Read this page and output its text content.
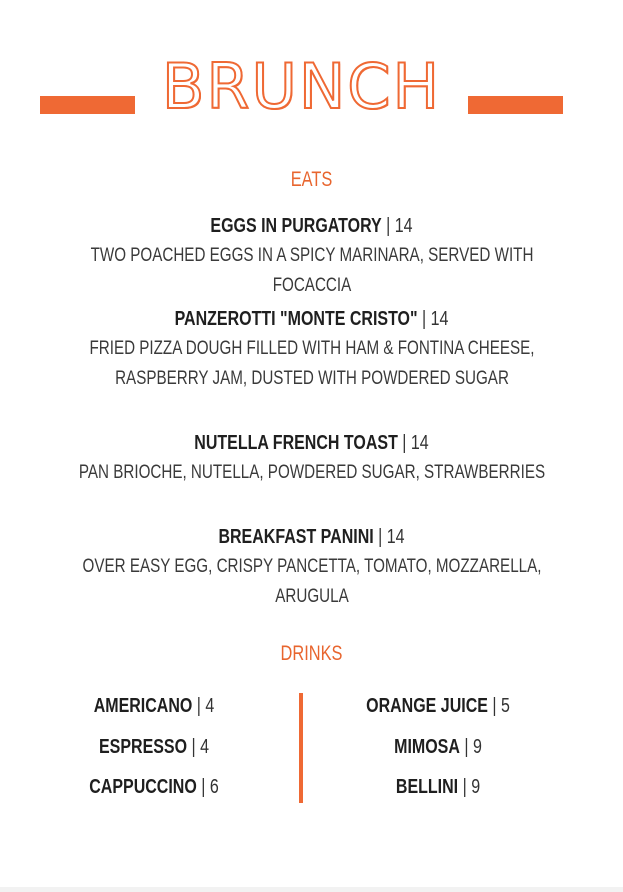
BRUNCH
EATS
EGGS IN PURGATORY | 14
TWO POACHED EGGS IN A SPICY MARINARA, SERVED WITH FOCACCIA
PANZEROTTI "MONTE CRISTO" | 14
FRIED PIZZA DOUGH FILLED WITH HAM & FONTINA CHEESE, RASPBERRY JAM, DUSTED WITH POWDERED SUGAR
NUTELLA FRENCH TOAST | 14
PAN BRIOCHE, NUTELLA, POWDERED SUGAR, STRAWBERRIES
BREAKFAST PANINI | 14
OVER EASY EGG, CRISPY PANCETTA, TOMATO, MOZZARELLA, ARUGULA
DRINKS
AMERICANO | 4
ESPRESSO | 4
CAPPUCCINO | 6
ORANGE JUICE | 5
MIMOSA | 9
BELLINI | 9
